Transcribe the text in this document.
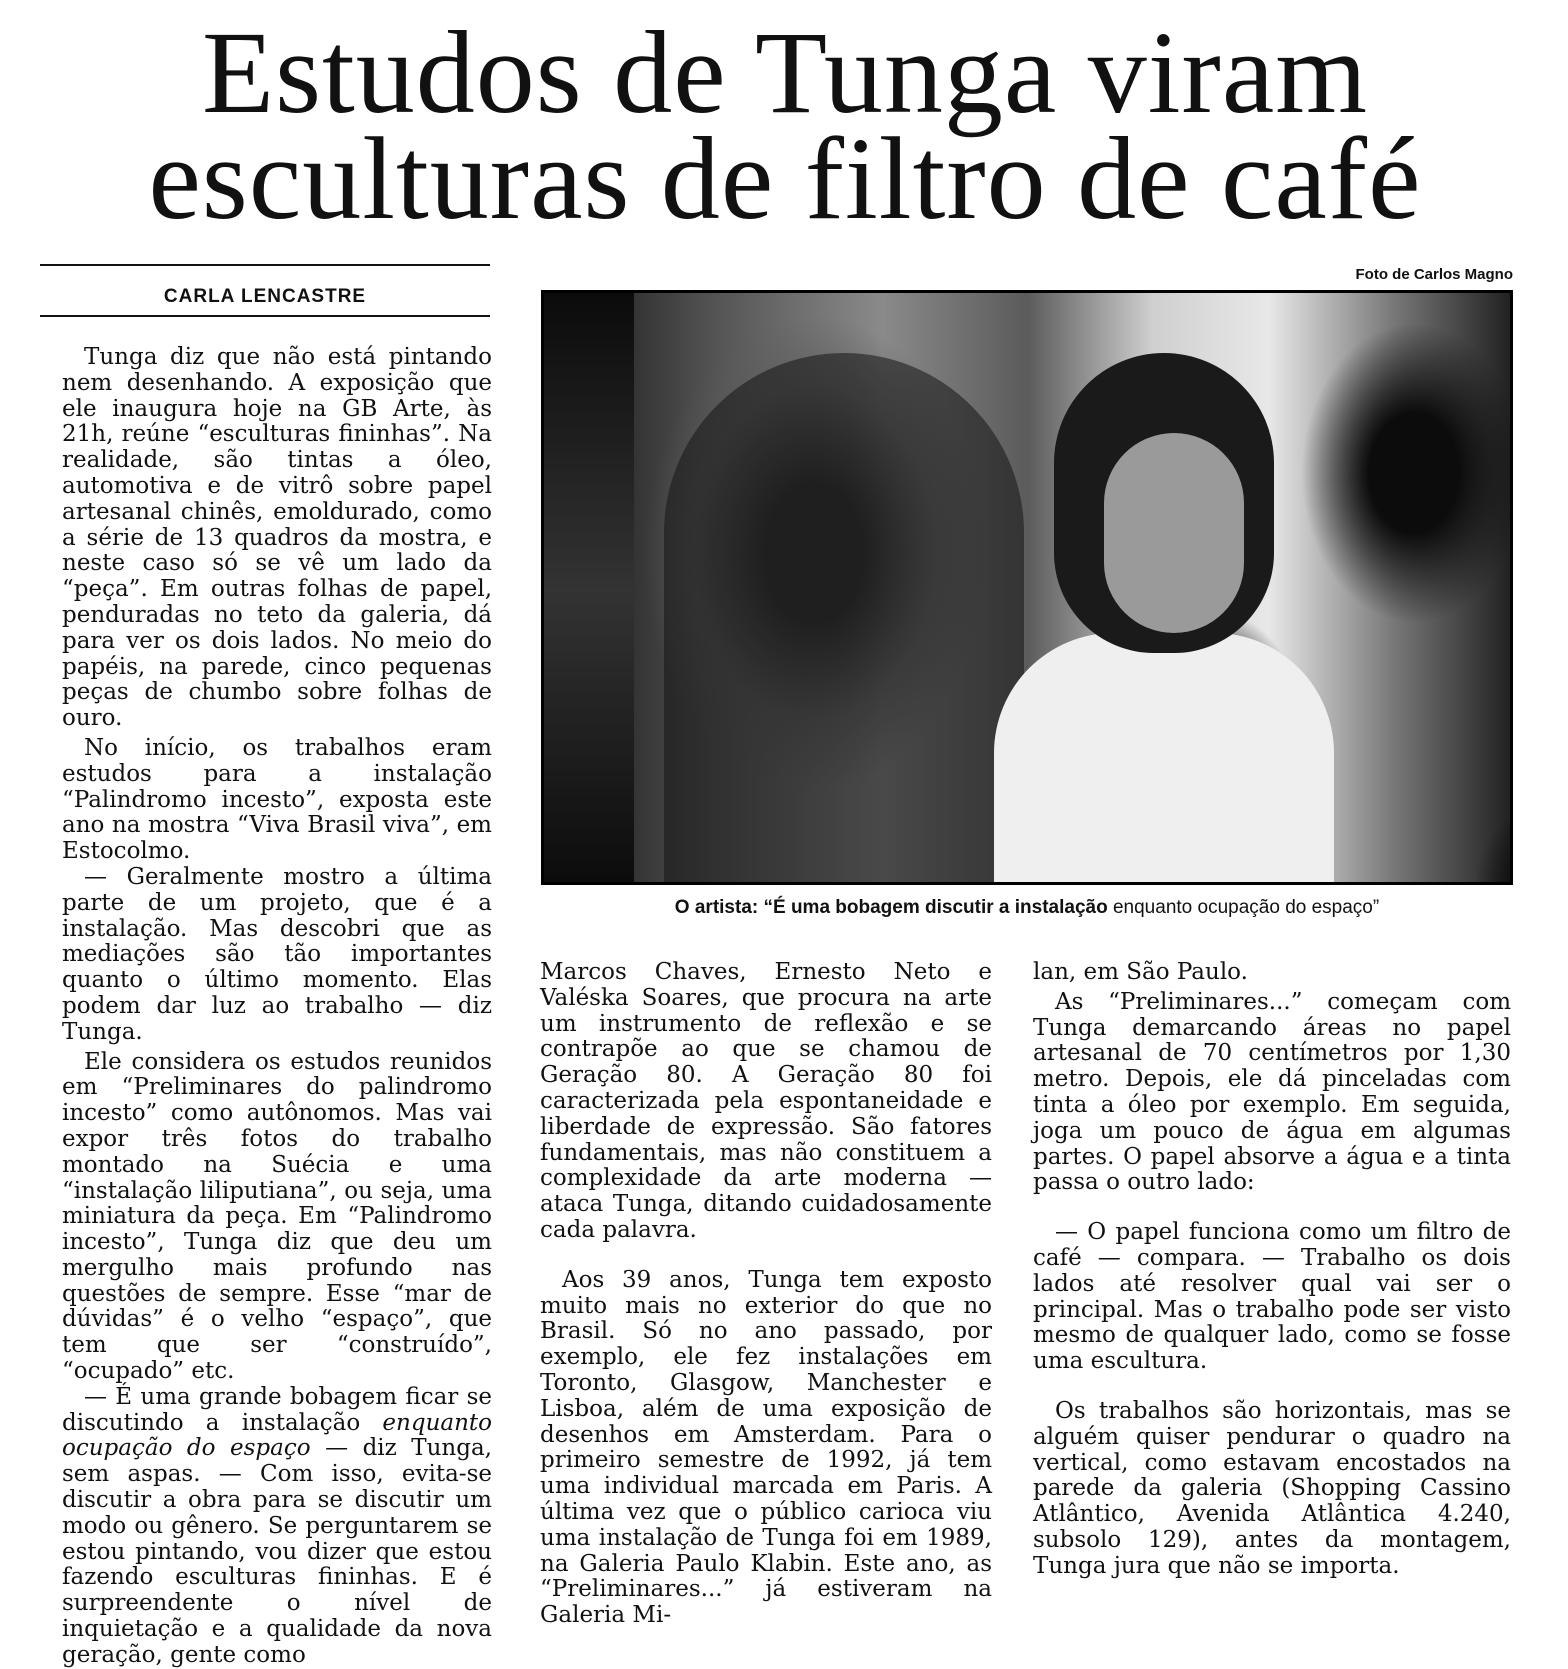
Estudos de Tunga viram
esculturas de filtro de café
CARLA LENCASTRE
Foto de Carlos Magno
O artista: “É uma bobagem discutir a instalação enquanto ocupação do espaço”

Tunga diz que não está pintando nem desenhando. A exposição que ele inaugura hoje na GB Arte, às 21h, reúne “esculturas fininhas”. Na realidade, são tintas a óleo, automotiva e de vitrô sobre papel artesanal chinês, emoldurado, como a série de 13 quadros da mostra, e neste caso só se vê um lado da “peça”. Em outras folhas de papel, penduradas no teto da galeria, dá para ver os dois lados. No meio do papéis, na parede, cinco pequenas peças de chumbo sobre folhas de ouro.

No início, os trabalhos eram estudos para a instalação “Palindromo incesto”, exposta este ano na mostra “Viva Brasil viva”, em Estocolmo.

— Geralmente mostro a última parte de um projeto, que é a instalação. Mas descobri que as mediações são tão importantes quanto o último momento. Elas podem dar luz ao trabalho — diz Tunga.

Ele considera os estudos reunidos em “Preliminares do palindromo incesto” como autônomos. Mas vai expor três fotos do trabalho montado na Suécia e uma “instalação liliputiana”, ou seja, uma miniatura da peça. Em “Palindromo incesto”, Tunga diz que deu um mergulho mais profundo nas questões de sempre. Esse “mar de dúvidas” é o velho “espaço”, que tem que ser “construído”, “ocupado” etc.

— É uma grande bobagem ficar se discutindo a instalação enquanto ocupação do espaço — diz Tunga, sem aspas. — Com isso, evita-se discutir a obra para se discutir um modo ou gênero. Se perguntarem se estou pintando, vou dizer que estou fazendo esculturas fininhas. E é surpreendente o nível de inquietação e a qualidade da nova geração, gente como

Marcos Chaves, Ernesto Neto e Valéska Soares, que procura na arte um instrumento de reflexão e se contrapõe ao que se chamou de Geração 80. A Geração 80 foi caracterizada pela espontaneidade e liberdade de expressão. São fatores fundamentais, mas não constituem a complexidade da arte moderna — ataca Tunga, ditando cuidadosamente cada palavra.

Aos 39 anos, Tunga tem exposto muito mais no exterior do que no Brasil. Só no ano passado, por exemplo, ele fez instalações em Toronto, Glasgow, Manchester e Lisboa, além de uma exposição de desenhos em Amsterdam. Para o primeiro semestre de 1992, já tem uma individual marcada em Paris. A última vez que o público carioca viu uma instalação de Tunga foi em 1989, na Galeria Paulo Klabin. Este ano, as “Preliminares...” já estiveram na Galeria Mi-

lan, em São Paulo.

As “Preliminares...” começam com Tunga demarcando áreas no papel artesanal de 70 centímetros por 1,30 metro. Depois, ele dá pinceladas com tinta a óleo por exemplo. Em seguida, joga um pouco de água em algumas partes. O papel absorve a água e a tinta passa o outro lado:

— O papel funciona como um filtro de café — compara. — Trabalho os dois lados até resolver qual vai ser o principal. Mas o trabalho pode ser visto mesmo de qualquer lado, como se fosse uma escultura.

Os trabalhos são horizontais, mas se alguém quiser pendurar o quadro na vertical, como estavam encostados na parede da galeria (Shopping Cassino Atlântico, Avenida Atlântica 4.240, subsolo 129), antes da montagem, Tunga jura que não se importa.
